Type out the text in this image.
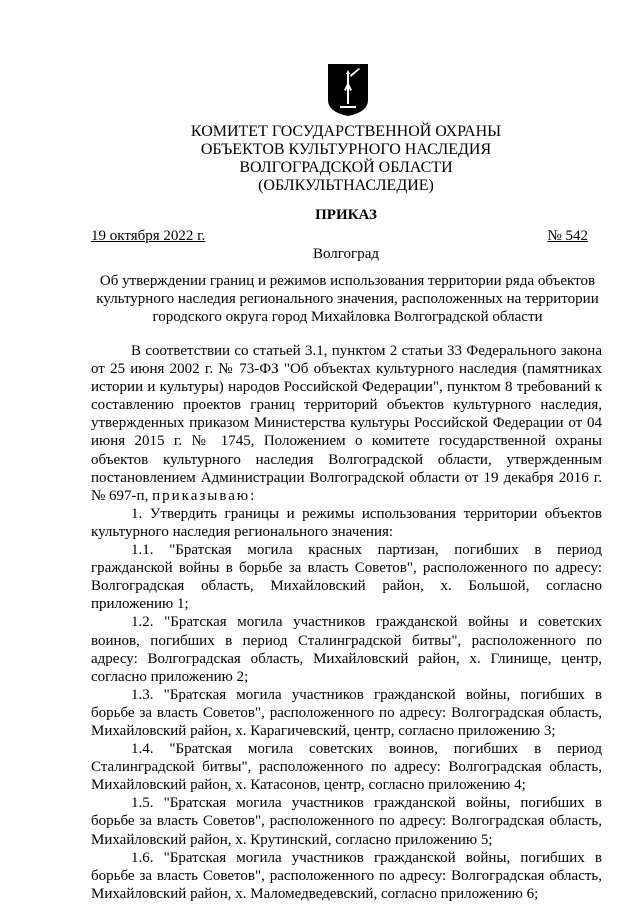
КОМИТЕТ ГОСУДАРСТВЕННОЙ ОХРАНЫ
ОБЪЕКТОВ КУЛЬТУРНОГО НАСЛЕДИЯ
ВОЛГОГРАДСКОЙ ОБЛАСТИ
(ОБЛКУЛЬТНАСЛЕДИЕ)
ПРИКАЗ
19 октября 2022 г.	№ 542
Волгоград
Об утверждении границ и режимов использования территории ряда объектов культурного наследия регионального значения, расположенных на территории городского округа город Михайловка Волгоградской области

В соответствии со статьей 3.1, пунктом 2 статьи 33 Федерального закона от 25 июня 2002 г. № 73-ФЗ "Об объектах культурного наследия (памятниках истории и культуры) народов Российской Федерации", пунктом 8 требований к составлению проектов границ территорий объектов культурного наследия, утвержденных приказом Министерства культуры Российской Федерации от 04 июня 2015 г. № 1745, Положением о комитете государственной охраны объектов культурного наследия Волгоградской области, утвержденным постановлением Администрации Волгоградской области от 19 декабря 2016 г. № 697-п, приказываю:

1. Утвердить границы и режимы использования территории объектов культурного наследия регионального значения:

1.1. "Братская могила красных партизан, погибших в период гражданской войны в борьбе за власть Советов", расположенного по адресу: Волгоградская область, Михайловский район, х. Большой, согласно приложению 1;

1.2. "Братская могила участников гражданской войны и советских воинов, погибших в период Сталинградской битвы", расположенного по адресу: Волгоградская область, Михайловский район, х. Глинище, центр, согласно приложению 2;

1.3. "Братская могила участников гражданской войны, погибших в борьбе за власть Советов", расположенного по адресу: Волгоградская область, Михайловский район, х. Карагичевский, центр, согласно приложению 3;

1.4. "Братская могила советских воинов, погибших в период Сталинградской битвы", расположенного по адресу: Волгоградская область, Михайловский район, х. Катасонов, центр, согласно приложению 4;

1.5. "Братская могила участников гражданской войны, погибших в борьбе за власть Советов", расположенного по адресу: Волгоградская область, Михайловский район, х. Крутинский, согласно приложению 5;

1.6. "Братская могила участников гражданской войны, погибших в борьбе за власть Советов", расположенного по адресу: Волгоградская область, Михайловский район, х. Маломедведевский, согласно приложению 6;
